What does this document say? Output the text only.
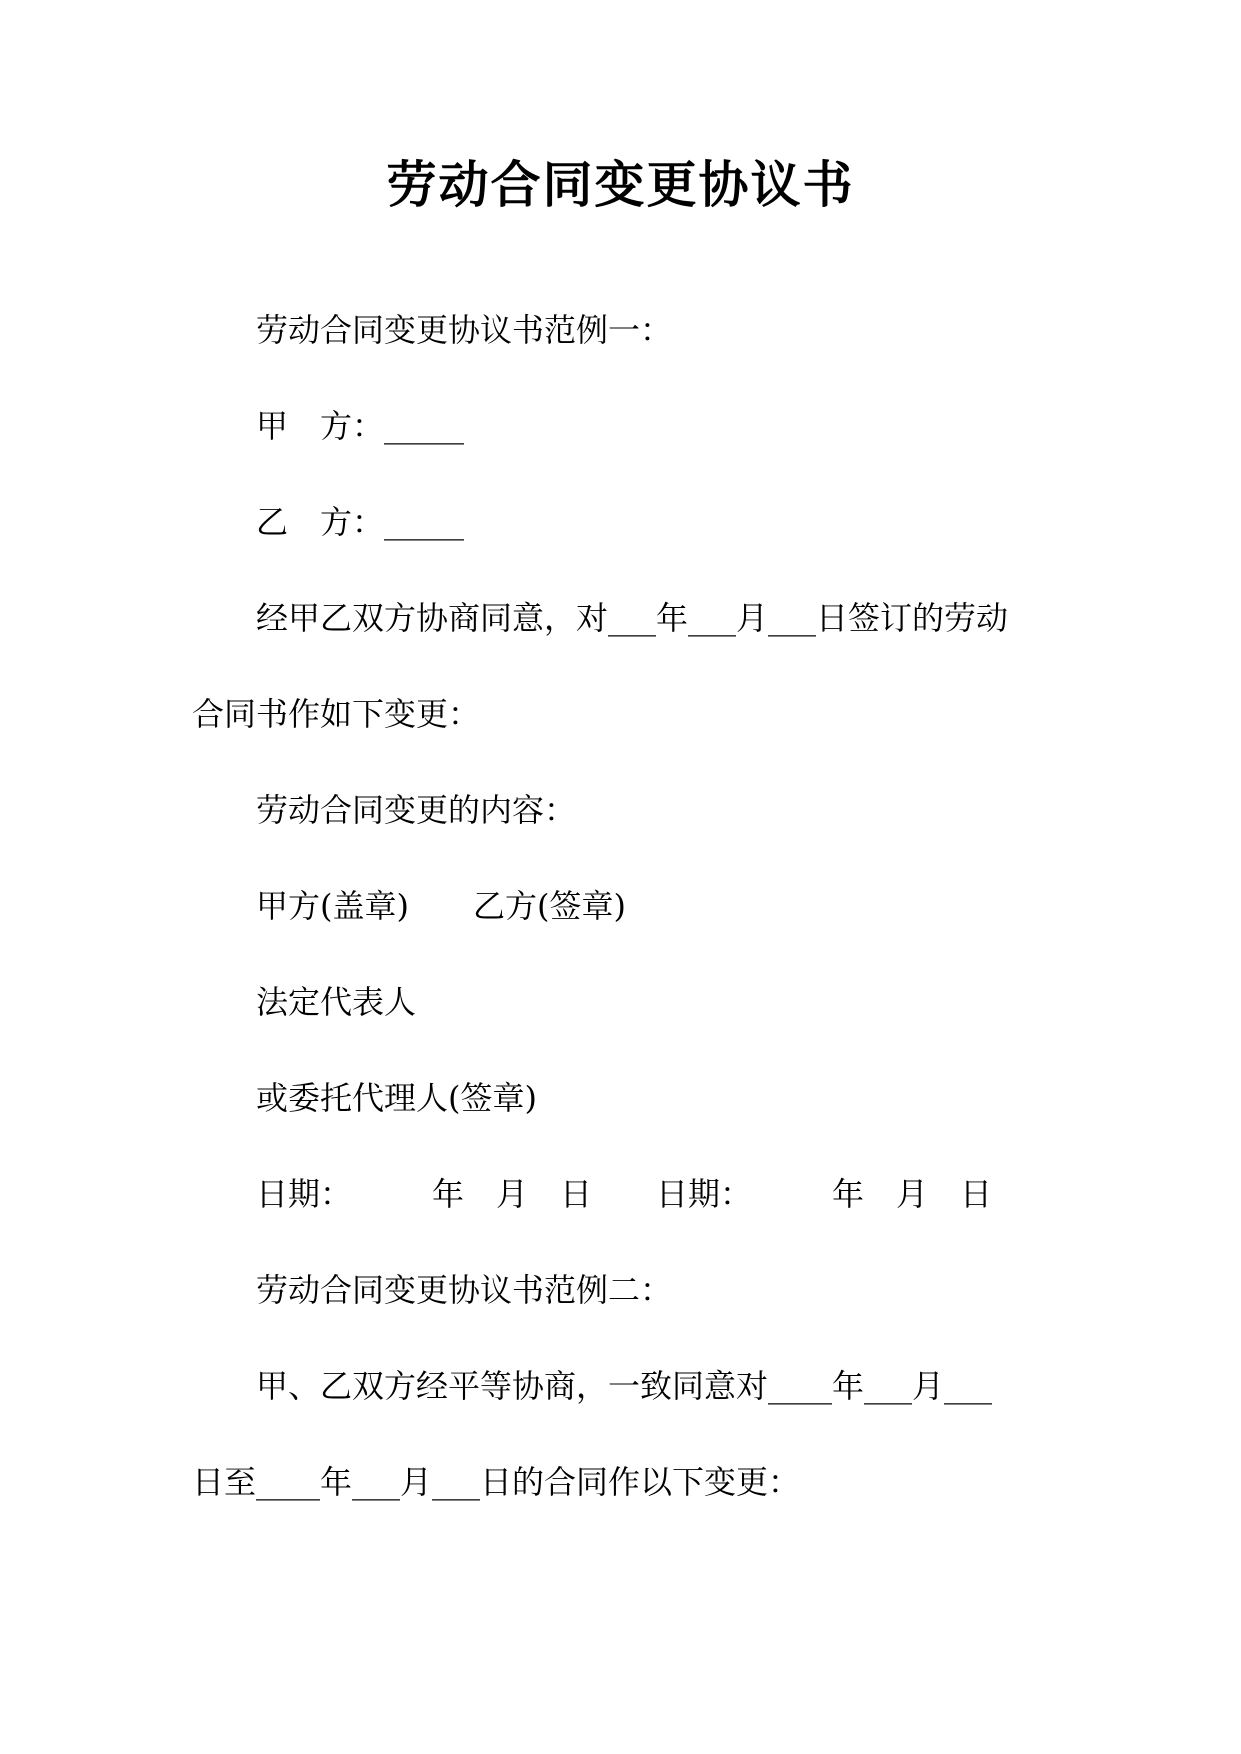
劳动合同变更协议书
劳动合同变更协议书范例一：
甲　方：_____
乙　方：_____
经甲乙双方协商同意，对___年___月___日签订的劳动
合同书作如下变更：
劳动合同变更的内容：
甲方(盖章)　　乙方(签章)
法定代表人
或委托代理人(签章)
日期：　　　年　月　日　　日期：　　　年　月　日
劳动合同变更协议书范例二：
甲、乙双方经平等协商，一致同意对____年___月___
日至____年___月___日的合同作以下变更：
